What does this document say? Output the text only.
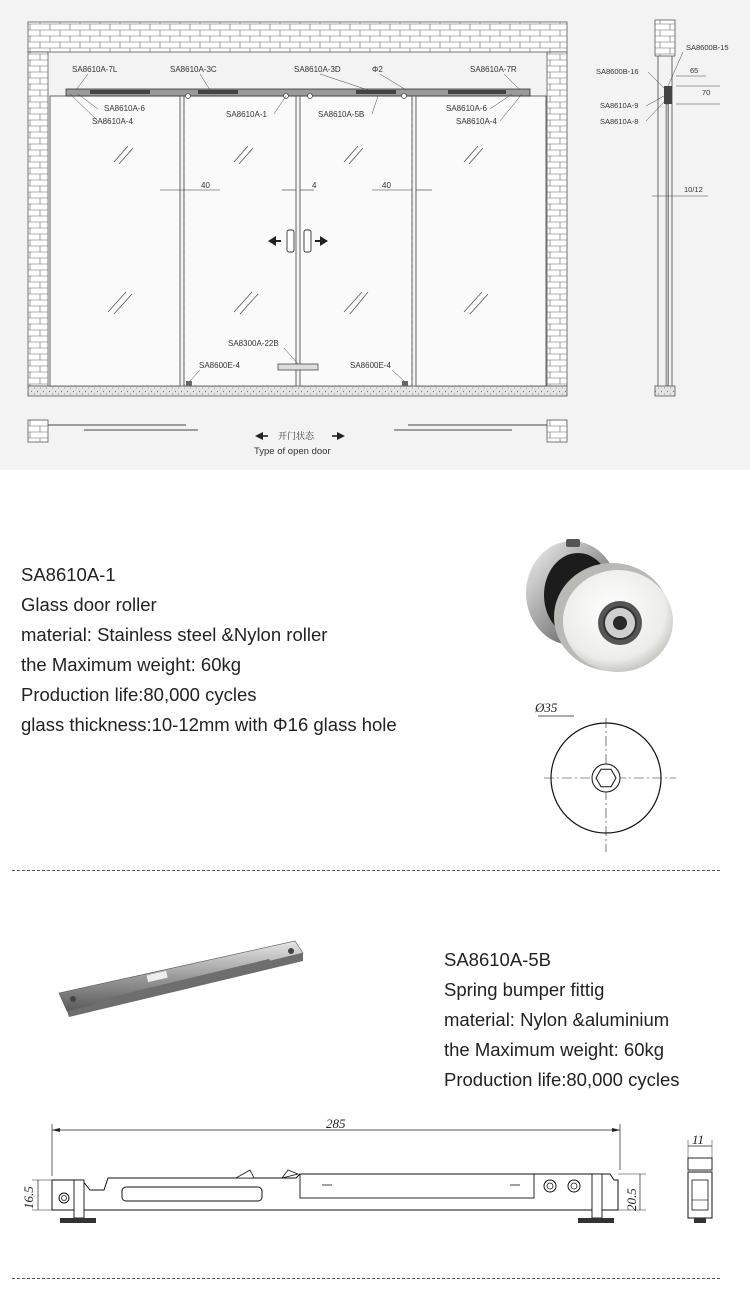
SA8610A-7L	SA8610A-3C	SA8610A-3D	Φ2	SA8610A-7R
SA8610A-6
SA8610A-4
SA8610A-1	SA8610A-5B
SA8610A-6
SA8610A-4
40	4	40
SA8300A-22B
SA8600E-4	SA8600E-4
开门状态
Type of open door
SA8600B-15
SA8600B-16	65
70
SA8610A-9
SA8610A-8
10/12
SA8610A-1
Glass door roller
material: Stainless steel &Nylon roller
the Maximum weight: 60kg
Production life:80,000 cycles
glass thickness:10-12mm with Φ16 glass hole
Ø35
SA8610A-5B
Spring bumper fittig
material: Nylon &aluminium
the Maximum weight: 60kg
Production life:80,000 cycles
285
16.5	20.5
11
